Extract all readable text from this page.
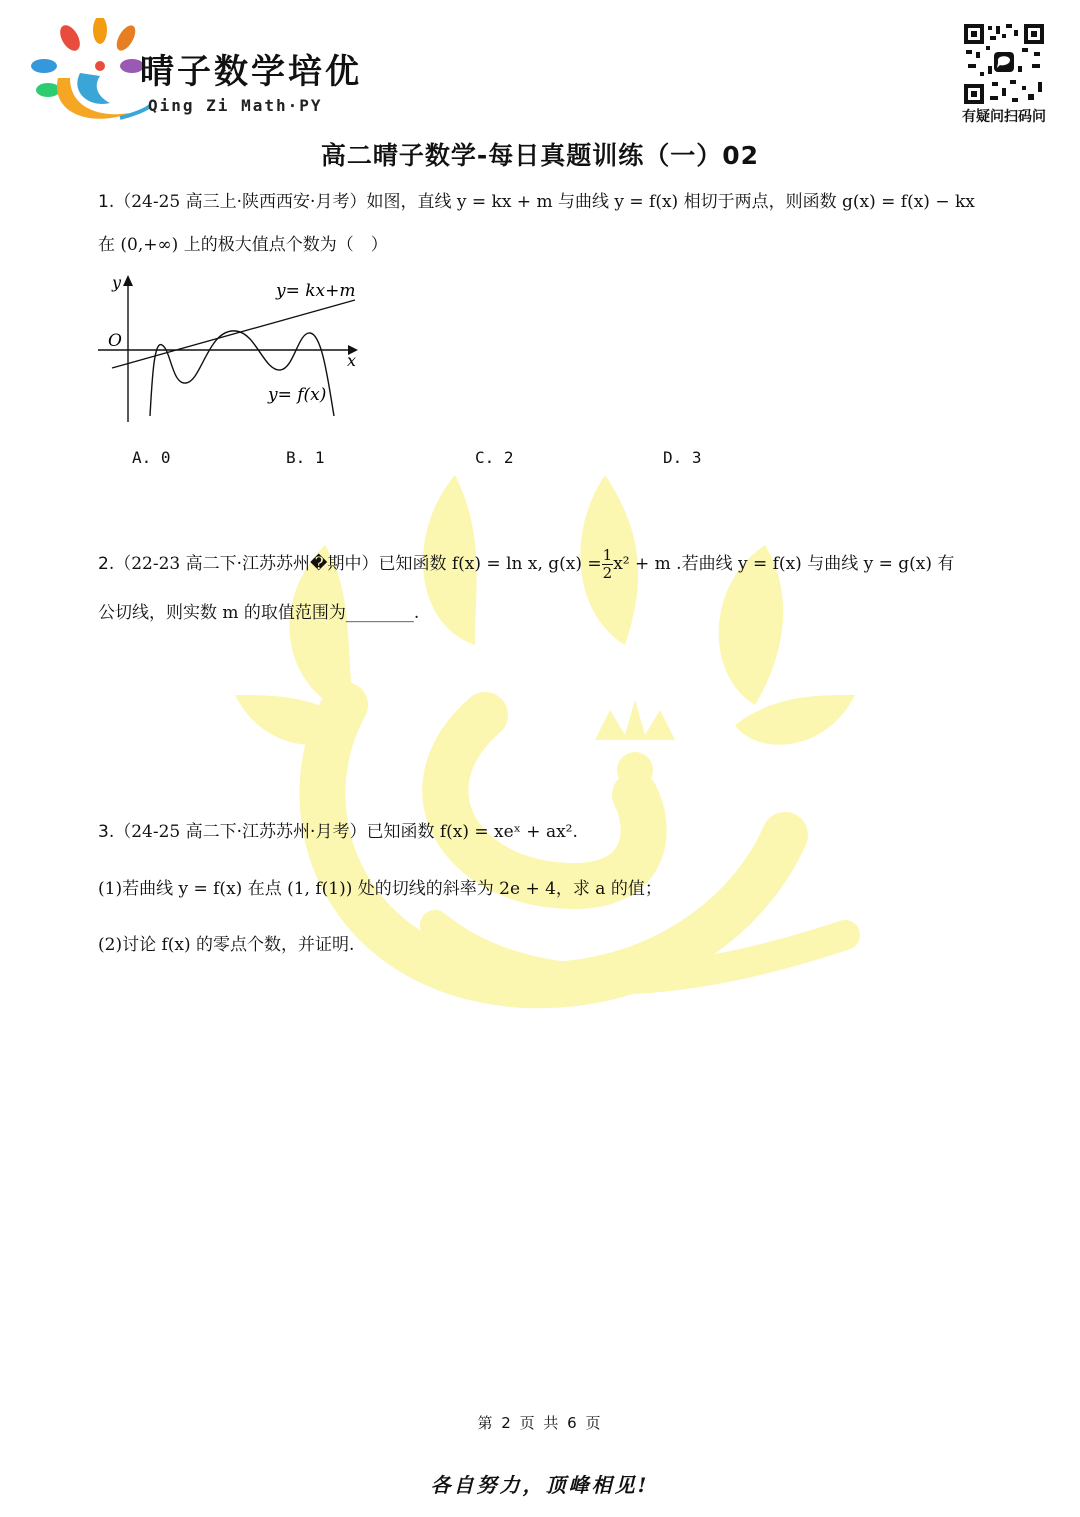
晴子数学培优
Qing Zi Math·PY
有疑问扫码问
高二晴子数学-每日真题训练（一）02
1.（24-25 高三上·陕西西安·月考）如图，直线 y = kx + m 与曲线 y = f(x) 相切于两点，则函数 g(x) = f(x) − kx
在 (0,+∞) 上的极大值点个数为（　）
y
x
O
y= kx+m
y= f(x)
A. 0	B. 1	C. 2	D. 3
2 . （22-23 高二下·江苏苏州�期中） 已知函数 f(x) = ln x, $g(x) = \frac{1}{2} x^2 + m$ .若曲线 y = f(x) 与曲线 y = g(x) 有
公切线，则实数 m 的取值范围为________.
3.（24-25 高二下·江苏苏州·月考）已知函数 f(x) = xeˣ + ax².
(1)若曲线 y = f(x) 在点 (1, f(1)) 处的切线的斜率为 2e + 4，求 a 的值；
(2)讨论 f(x) 的零点个数，并证明.
第 2 页 共 6 页
各自努力，顶峰相见!
